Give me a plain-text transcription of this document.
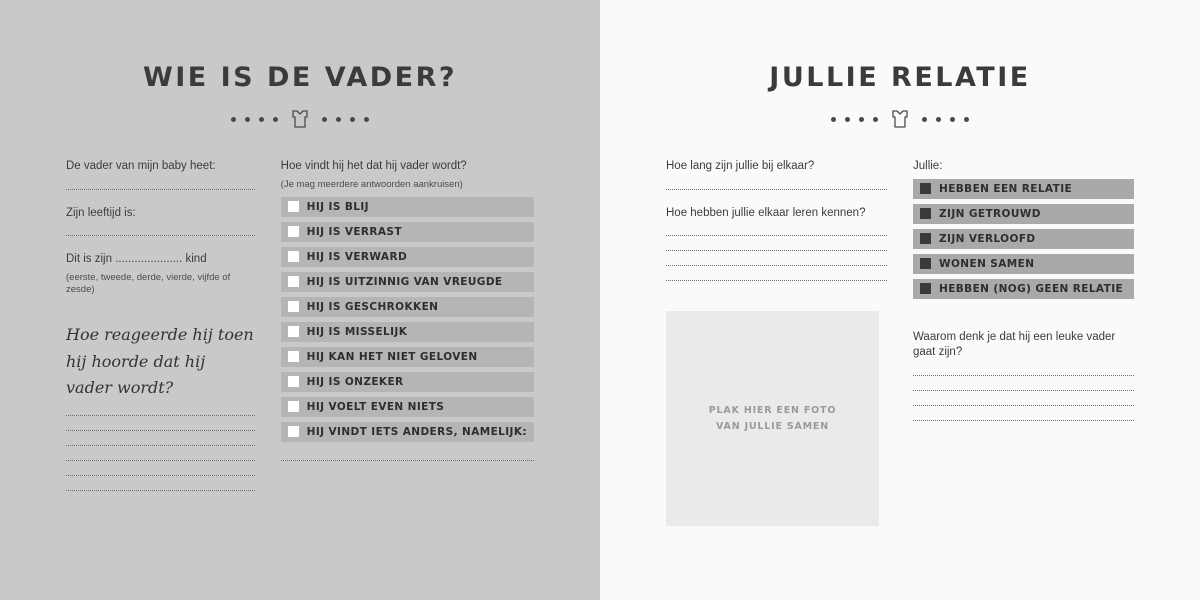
WIE IS DE VADER?

De vader van mijn baby heet:

Zijn leeftijd is:

Dit is zijn ..................... kind

(eerste, tweede, derde, vierde, vijfde of zesde)

Hoe reageerde hij toen hij hoorde dat hij vader wordt?

Hoe vindt hij het dat hij vader wordt?

(Je mag meerdere antwoorden aankruisen)

HIJ IS BLIJ
HIJ IS VERRAST
HIJ IS VERWARD
HIJ IS UITZINNIG VAN VREUGDE
HIJ IS GESCHROKKEN
HIJ IS MISSELIJK
HIJ KAN HET NIET GELOVEN
HIJ IS ONZEKER
HIJ VOELT EVEN NIETS
HIJ VINDT IETS ANDERS, NAMELIJK:
JULLIE RELATIE

Hoe lang zijn jullie bij elkaar?

Hoe hebben jullie elkaar leren kennen?

PLAK HIER EEN FOTO
VAN JULLIE SAMEN

Jullie:

HEBBEN EEN RELATIE
ZIJN GETROUWD
ZIJN VERLOOFD
WONEN SAMEN
HEBBEN (NOG) GEEN RELATIE

Waarom denk je dat hij een leuke vader gaat zijn?
